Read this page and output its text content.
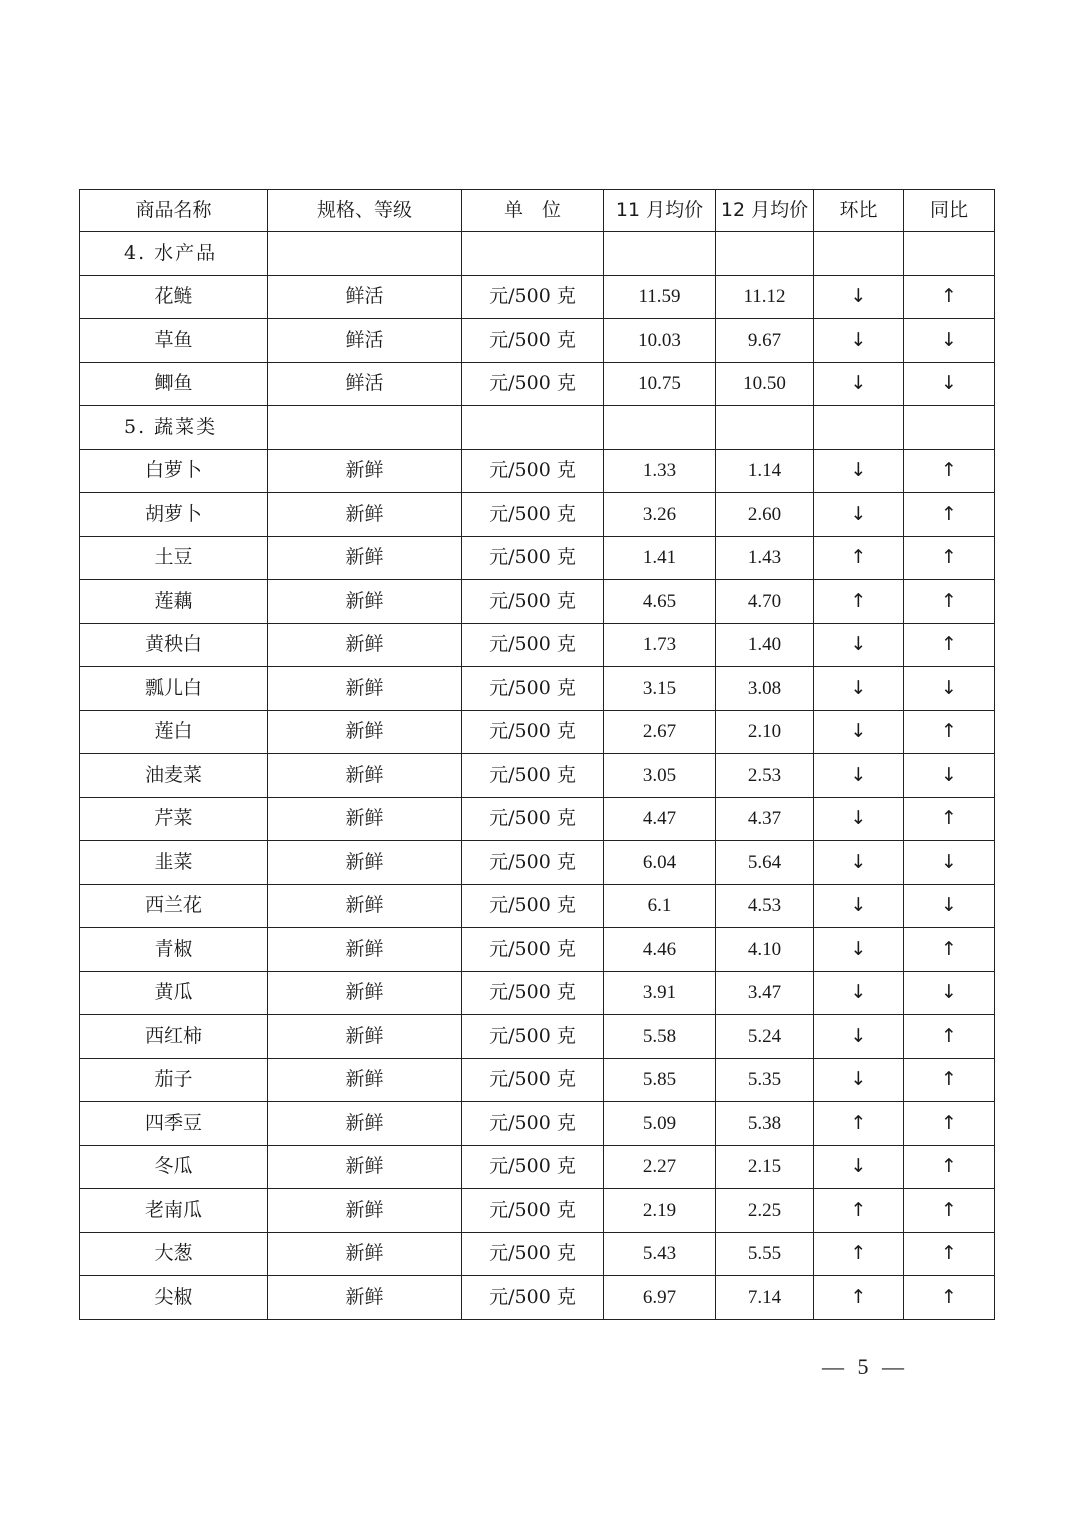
商品名称	规格、等级	单　位	11 月均价	12 月均价	环比	同比
4. 水产品						
花鲢	鲜活	元/500 克	11.59	11.12	↓	↑
草鱼	鲜活	元/500 克	10.03	9.67	↓	↓
鲫鱼	鲜活	元/500 克	10.75	10.50	↓	↓
5. 蔬菜类						
白萝卜	新鲜	元/500 克	1.33	1.14	↓	↑
胡萝卜	新鲜	元/500 克	3.26	2.60	↓	↑
土豆	新鲜	元/500 克	1.41	1.43	↑	↑
莲藕	新鲜	元/500 克	4.65	4.70	↑	↑
黄秧白	新鲜	元/500 克	1.73	1.40	↓	↑
瓢儿白	新鲜	元/500 克	3.15	3.08	↓	↓
莲白	新鲜	元/500 克	2.67	2.10	↓	↑
油麦菜	新鲜	元/500 克	3.05	2.53	↓	↓
芹菜	新鲜	元/500 克	4.47	4.37	↓	↑
韭菜	新鲜	元/500 克	6.04	5.64	↓	↓
西兰花	新鲜	元/500 克	6.1	4.53	↓	↓
青椒	新鲜	元/500 克	4.46	4.10	↓	↑
黄瓜	新鲜	元/500 克	3.91	3.47	↓	↓
西红柿	新鲜	元/500 克	5.58	5.24	↓	↑
茄子	新鲜	元/500 克	5.85	5.35	↓	↑
四季豆	新鲜	元/500 克	5.09	5.38	↑	↑
冬瓜	新鲜	元/500 克	2.27	2.15	↓	↑
老南瓜	新鲜	元/500 克	2.19	2.25	↑	↑
大葱	新鲜	元/500 克	5.43	5.55	↑	↑
尖椒	新鲜	元/500 克	6.97	7.14	↑	↑
— 5 —
